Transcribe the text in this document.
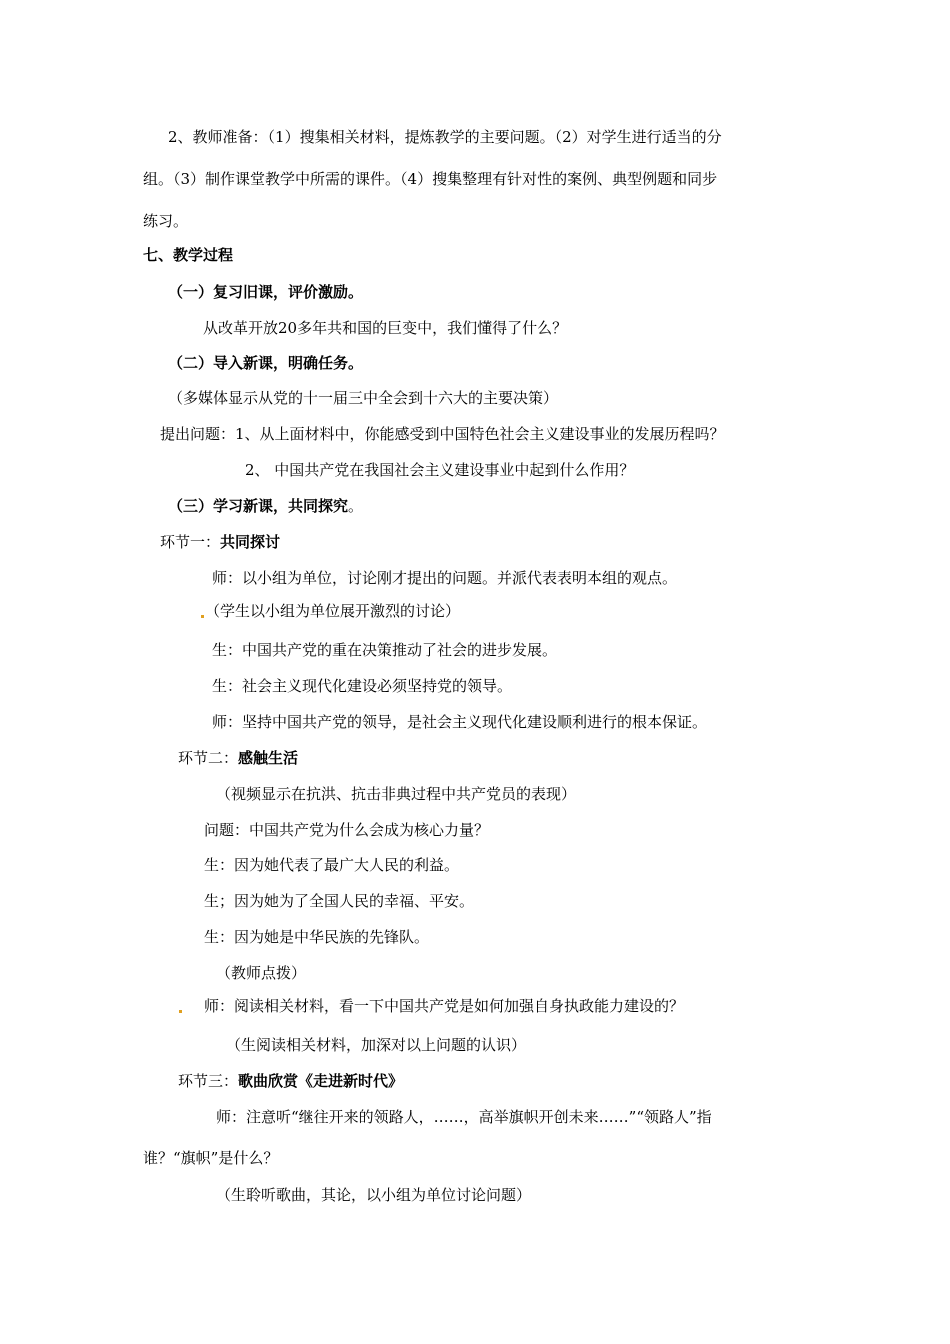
2、教师准备：（1）搜集相关材料，提炼教学的主要问题。（2）对学生进行适当的分
组。（3）制作课堂教学中所需的课件。（4）搜集整理有针对性的案例、典型例题和同步
练习。
七、教学过程
（一）复习旧课，评价激励。
从改革开放20多年共和国的巨变中，我们懂得了什么？
（二）导入新课，明确任务。
（多媒体显示从党的十一届三中全会到十六大的主要决策）
提出问题：1、从上面材料中，你能感受到中国特色社会主义建设事业的发展历程吗？
2、 中国共产党在我国社会主义建设事业中起到什么作用？
（三）学习新课，共同探究。
环节一：共同探讨
师：以小组为单位，讨论刚才提出的问题。并派代表表明本组的观点。
（学生以小组为单位展开激烈的讨论）
生：中国共产党的重在决策推动了社会的进步发展。
生：社会主义现代化建设必须坚持党的领导。
师：坚持中国共产党的领导，是社会主义现代化建设顺利进行的根本保证。
环节二：感触生活
（视频显示在抗洪、抗击非典过程中共产党员的表现）
问题：中国共产党为什么会成为核心力量？
生：因为她代表了最广大人民的利益。
生；因为她为了全国人民的幸福、平安。
生：因为她是中华民族的先锋队。
（教师点拨）
师：阅读相关材料，看一下中国共产党是如何加强自身执政能力建设的？
（生阅读相关材料，加深对以上问题的认识）
环节三：歌曲欣赏《走进新时代》
师：注意听“继往开来的领路人，……，高举旗帜开创未来……”“领路人”指
谁？“旗帜”是什么？
（生聆听歌曲，其论，以小组为单位讨论问题）
